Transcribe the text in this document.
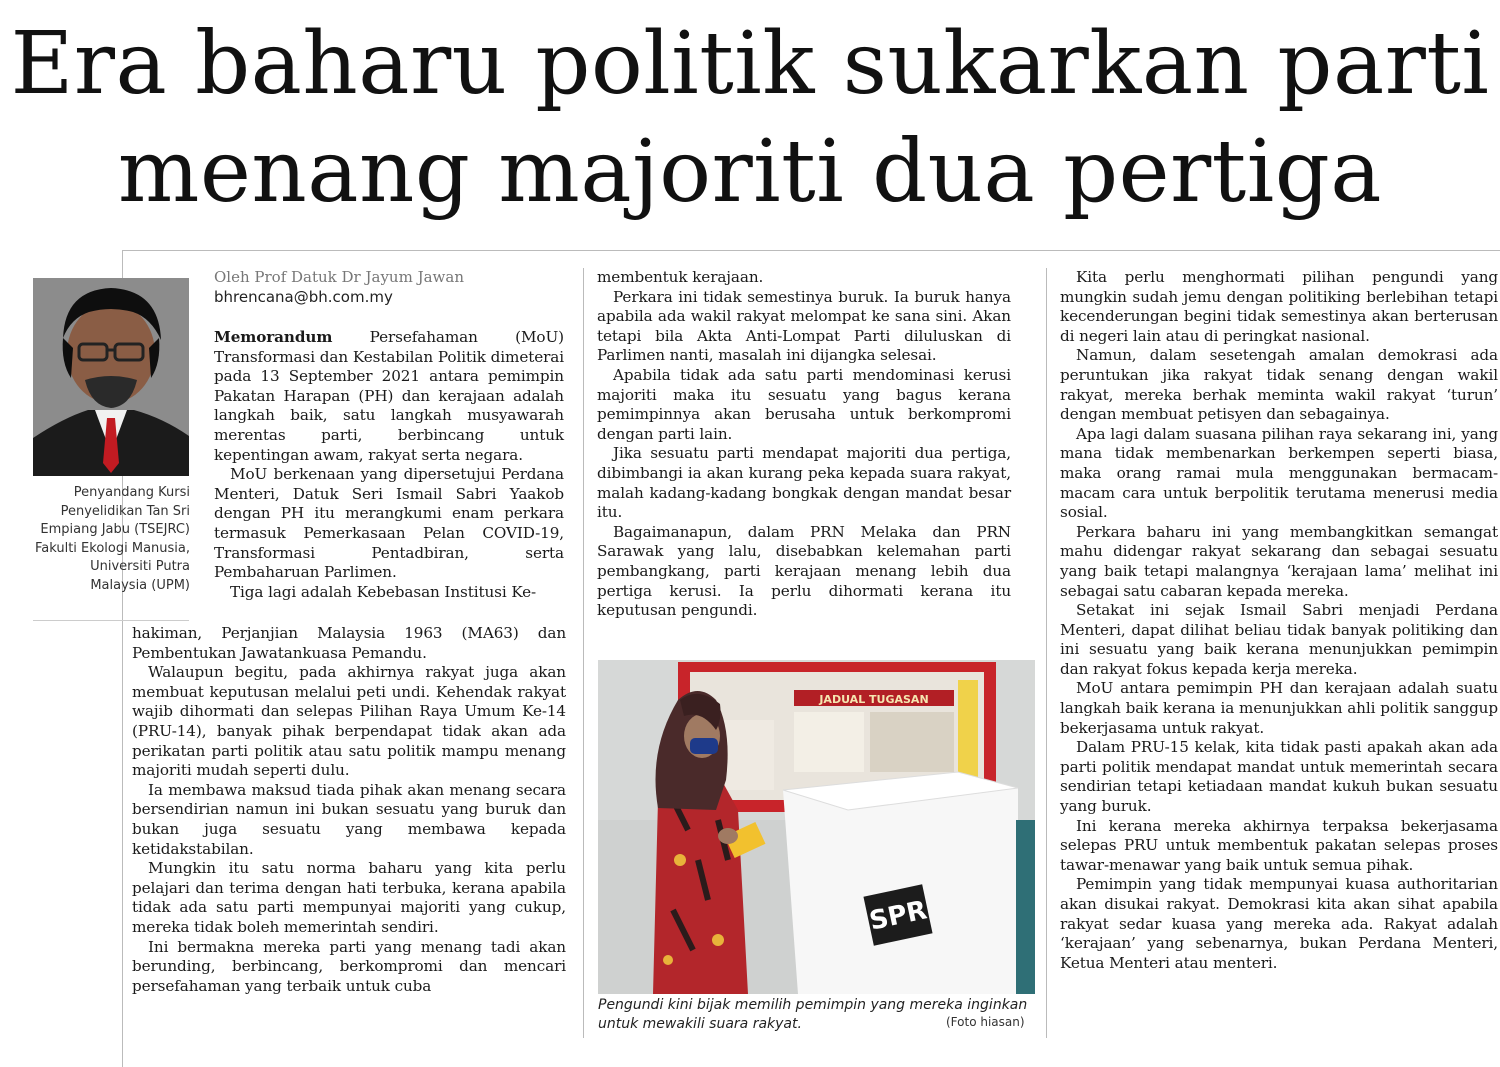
Era baharu politik sukarkan parti
menang majoriti dua pertiga
Penyandang Kursi Penyelidikan Tan Sri Empiang Jabu (TSEJRC) Fakulti Ekologi Manusia, Universiti Putra Malaysia (UPM)
Oleh Prof Datuk Dr Jayum Jawan
bhrencana@bh.com.my

Memorandum Persefahaman (MoU) Transformasi dan Kestabilan Politik dimeterai pada 13 September 2021 antara pemimpin Pakatan Harapan (PH) dan kerajaan adalah langkah baik, satu langkah musyawarah merentas parti, berbincang untuk kepentingan awam, rakyat serta negara.

MoU berkenaan yang dipersetujui Perdana Menteri, Datuk Seri Ismail Sabri Yaakob dengan PH itu merangkumi enam perkara termasuk Pemerkasaan Pelan COVID-19, Transformasi Pentadbiran, serta Pembaharuan Parlimen.

Tiga lagi adalah Kebebasan Institusi Ke-

hakiman, Perjanjian Malaysia 1963 (MA63) dan Pembentukan Jawatankuasa Pemandu.

Walaupun begitu, pada akhirnya rakyat juga akan membuat keputusan melalui peti undi. Kehendak rakyat wajib dihormati dan selepas Pilihan Raya Umum Ke-14 (PRU-14), banyak pihak berpendapat tidak akan ada perikatan parti politik atau satu politik mampu menang majoriti mudah seperti dulu.

Ia membawa maksud tiada pihak akan menang secara bersendirian namun ini bukan sesuatu yang buruk dan bukan juga sesuatu yang membawa kepada ketidakstabilan.

Mungkin itu satu norma baharu yang kita perlu pelajari dan terima dengan hati terbuka, kerana apabila tidak ada satu parti mempunyai majoriti yang cukup, mereka tidak boleh memerintah sendiri.

Ini bermakna mereka parti yang menang tadi akan berunding, berbincang, berkompromi dan mencari persefahaman yang terbaik untuk cuba

membentuk kerajaan.

Perkara ini tidak semestinya buruk. Ia buruk hanya apabila ada wakil rakyat melompat ke sana sini. Akan tetapi bila Akta Anti-Lompat Parti diluluskan di Parlimen nanti, masalah ini dijangka selesai.

Apabila tidak ada satu parti mendominasi kerusi majoriti maka itu sesuatu yang bagus kerana pemimpinnya akan berusaha untuk berkompromi dengan parti lain.

Jika sesuatu parti mendapat majoriti dua pertiga, dibimbangi ia akan kurang peka kepada suara rakyat, malah kadang-kadang bongkak dengan mandat besar itu.

Bagaimanapun, dalam PRN Melaka dan PRN Sarawak yang lalu, disebabkan kelemahan parti pembangkang, parti kerajaan menang lebih dua pertiga kerusi. Ia perlu dihormati kerana itu keputusan pengundi.

JADUAL TUGASAN
SPR
Pengundi kini bijak memilih pemimpin yang mereka inginkan untuk mewakili suara rakyat.	(Foto hiasan)

Kita perlu menghormati pilihan pengundi yang mungkin sudah jemu dengan politiking berlebihan tetapi kecenderungan begini tidak semestinya akan berterusan di negeri lain atau di peringkat nasional.

Namun, dalam sesetengah amalan demokrasi ada peruntukan jika rakyat tidak senang dengan wakil rakyat, mereka berhak meminta wakil rakyat ‘turun’ dengan membuat petisyen dan sebagainya.

Apa lagi dalam suasana pilihan raya sekarang ini, yang mana tidak membenarkan berkempen seperti biasa, maka orang ramai mula menggunakan bermacam-macam cara untuk berpolitik terutama menerusi media sosial.

Perkara baharu ini yang membangkitkan semangat mahu didengar rakyat sekarang dan sebagai sesuatu yang baik tetapi malangnya ‘kerajaan lama’ melihat ini sebagai satu cabaran kepada mereka.

Setakat ini sejak Ismail Sabri menjadi Perdana Menteri, dapat dilihat beliau tidak banyak politiking dan ini sesuatu yang baik kerana menunjukkan pemimpin dan rakyat fokus kepada kerja mereka.

MoU antara pemimpin PH dan kerajaan adalah suatu langkah baik kerana ia menunjukkan ahli politik sanggup bekerjasama untuk rakyat.

Dalam PRU-15 kelak, kita tidak pasti apakah akan ada parti politik mendapat mandat untuk memerintah secara sendirian tetapi ketiadaan mandat kukuh bukan sesuatu yang buruk.

Ini kerana mereka akhirnya terpaksa bekerjasama selepas PRU untuk membentuk pakatan selepas proses tawar-menawar yang baik untuk semua pihak.

Pemimpin yang tidak mempunyai kuasa authoritarian akan disukai rakyat. Demokrasi kita akan sihat apabila rakyat sedar kuasa yang mereka ada. Rakyat adalah ‘kerajaan’ yang sebenarnya, bukan Perdana Menteri, Ketua Menteri atau menteri.
